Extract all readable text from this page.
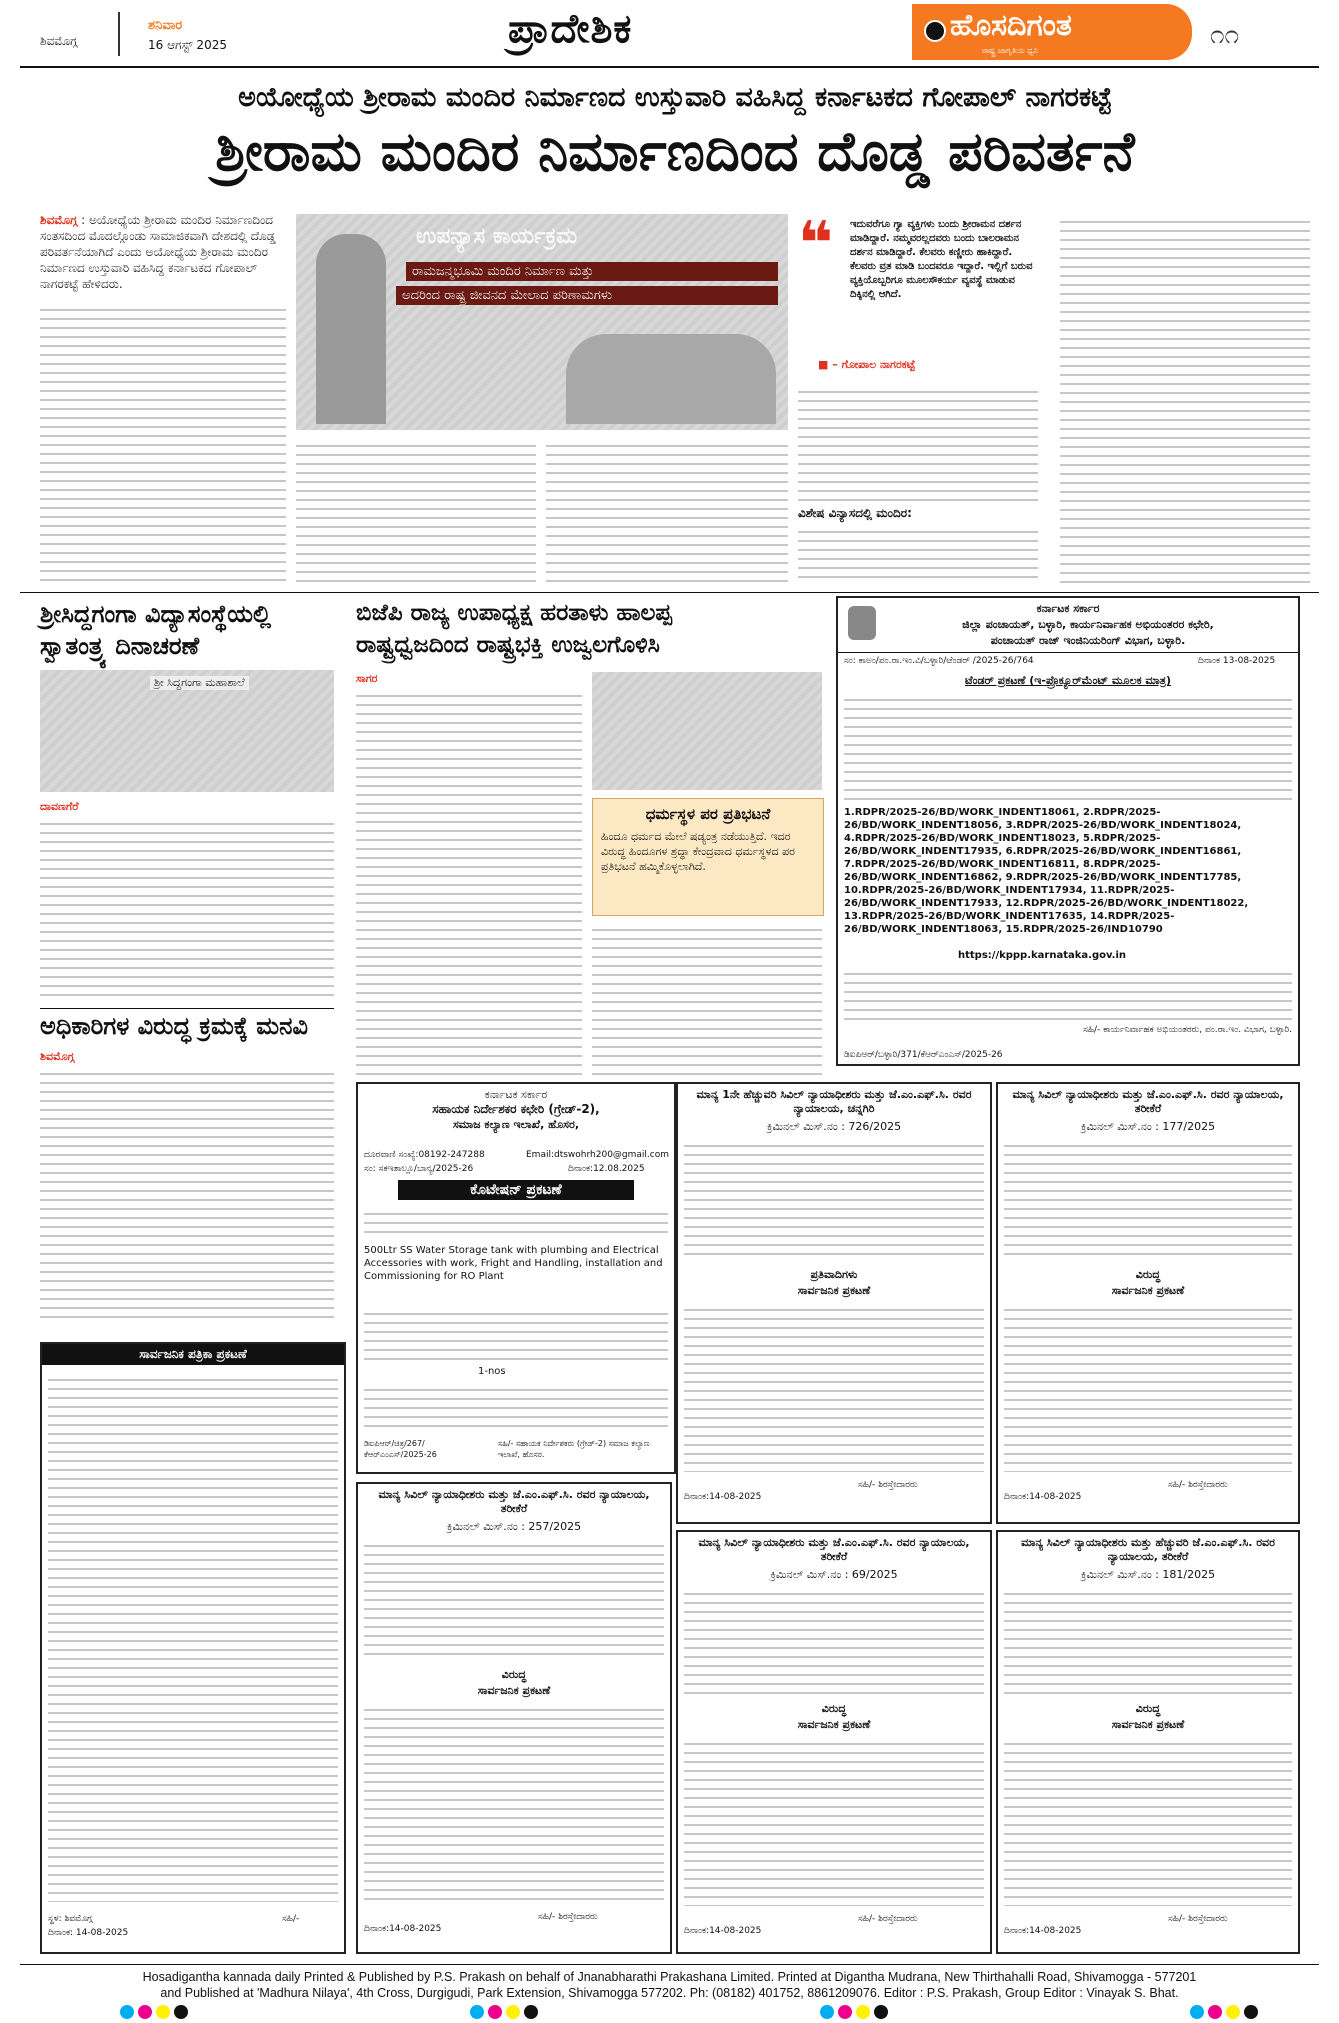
ಶಿವಮೊಗ್ಗ
ಶನಿವಾರ
16 ಆಗಸ್ಟ್ 2025	ಪ್ರಾದೇಶಿಕ	ಹೊಸದಿಗಂತ
ರಾಷ್ಟ್ರ ಜಾಗೃತಿಯ ಧ್ವನಿ
೧೧
ಅಯೋಧ್ಯೆಯ ಶ್ರೀರಾಮ ಮಂದಿರ ನಿರ್ಮಾಣದ ಉಸ್ತುವಾರಿ ವಹಿಸಿದ್ದ ಕರ್ನಾಟಕದ ಗೋಪಾಲ್ ನಾಗರಕಟ್ಟೆ
ಶ್ರೀರಾಮ ಮಂದಿರ ನಿರ್ಮಾಣದಿಂದ ದೊಡ್ಡ ಪರಿವರ್ತನೆ
ಶಿವಮೊಗ್ಗ : ಅಯೋಧ್ಯೆಯ ಶ್ರೀರಾಮ ಮಂದಿರ ನಿರ್ಮಾಣದಿಂದ ಸಂತಸದಿಂದ ಮೊದಲ್ಗೊಂಡು ಸಾಮಾಜಿಕವಾಗಿ ದೇಶದಲ್ಲಿ ದೊಡ್ಡ ಪರಿವರ್ತನೆಯಾಗಿದೆ ಎಂದು ಅಯೋಧ್ಯೆಯ ಶ್ರೀರಾಮ ಮಂದಿರ ನಿರ್ಮಾಣದ ಉಸ್ತುವಾರಿ ವಹಿಸಿದ್ದ ಕರ್ನಾಟಕದ ಗೋಪಾಲ್ ನಾಗರಕಟ್ಟೆ ಹೇಳಿದರು.
ಉಪನ್ಯಾಸ ಕಾರ್ಯಕ್ರಮ
ರಾಮಜನ್ಮಭೂಮಿ ಮಂದಿರ ನಿರ್ಮಾಣ ಮತ್ತು
ಅದರಿಂದ ರಾಷ್ಟ್ರ ಜೀವನದ ಮೇಲಾದ ಪರಿಣಾಮಗಳು
❝ ಇದುವರೆಗೂ ಗ್ಯಾ ವ್ಯಕ್ತಿಗಳು ಬಂದು ಶ್ರೀರಾಮನ ದರ್ಶನ ಮಾಡಿದ್ದಾರೆ. ನಮ್ಮವರಲ್ಲದವರು ಬಂದು ಬಾಲರಾಮನ ದರ್ಶನ ಮಾಡಿದ್ದಾರೆ. ಕೆಲವರು ಕಣ್ಣೀರು ಹಾಕಿದ್ದಾರೆ. ಕೆಲವರು ವ್ರತ ಮಾಡಿ ಬಂದವರೂ ಇದ್ದಾರೆ. ಇಲ್ಲಿಗೆ ಬರುವ ವ್ಯಕ್ತಿಯೊಬ್ಬರಿಗೂ ಮೂಲಸೌಕರ್ಯ ವ್ಯವಸ್ಥೆ ಮಾಡುವ ದಿಕ್ಕಿನಲ್ಲಿ ಆಗಿದೆ.
■ – ಗೋಪಾಲ ನಾಗರಕಟ್ಟೆ
ವಿಶೇಷ ವಿನ್ಯಾಸದಲ್ಲಿ ಮಂದಿರ:
ಶ್ರೀಸಿದ್ದಗಂಗಾ ವಿದ್ಯಾಸಂಸ್ಥೆಯಲ್ಲಿ
ಸ್ವಾತಂತ್ರ್ಯ ದಿನಾಚರಣೆ
ಶ್ರೀ ಸಿದ್ದಗಂಗಾ ಮಹಾಶಾಲೆ
ದಾವಣಗೆರೆ
ಅಧಿಕಾರಿಗಳ ವಿರುದ್ಧ ಕ್ರಮಕ್ಕೆ ಮನವಿ
ಶಿವಮೊಗ್ಗ
ಬಿಜೆಪಿ ರಾಜ್ಯ ಉಪಾಧ್ಯಕ್ಷ ಹರತಾಳು ಹಾಲಪ್ಪ
ರಾಷ್ಟ್ರಧ್ವಜದಿಂದ ರಾಷ್ಟ್ರಭಕ್ತಿ ಉಜ್ವಲಗೊಳಿಸಿ
ಸಾಗರ
ಧರ್ಮಸ್ಥಳ ಪರ ಪ್ರತಿಭಟನೆ
ಹಿಂದೂ ಧರ್ಮದ ಮೇಲೆ ಷಡ್ಯಂತ್ರ ನಡೆಯುತ್ತಿದೆ. ಇದರ ವಿರುದ್ಧ ಹಿಂದೂಗಳ ಶ್ರದ್ಧಾ ಕೇಂದ್ರವಾದ ಧರ್ಮಸ್ಥಳದ ಪರ ಪ್ರತಿಭಟನೆ ಹಮ್ಮಿಕೊಳ್ಳಲಾಗಿದೆ.
ಕರ್ನಾಟಕ ಸರ್ಕಾರ
ಜಿಲ್ಲಾ ಪಂಚಾಯತ್, ಬಳ್ಳಾರಿ, ಕಾರ್ಯನಿರ್ವಾಹಕ ಅಭಿಯಂತರರ ಕಛೇರಿ,
ಪಂಚಾಯತ್ ರಾಜ್ ಇಂಜಿನಿಯರಿಂಗ್ ವಿಭಾಗ, ಬಳ್ಳಾರಿ.
ಸಂ: ಕಾಅಂ/ಪಂ.ರಾ.ಇಂ.ವಿ/ಬಳ್ಳಾರಿ/ಟೆಂಡರ್ /2025-26/764	ದಿನಾಂಕ 13-08-2025
ಟೆಂಡರ್ ಪ್ರಕಟಣೆ (ಇ-ಪ್ರೊಕ್ಯೂರ್‌ಮೆಂಟ್ ಮೂಲಕ ಮಾತ್ರ)
1.RDPR/2025-26/BD/WORK_INDENT18061, 2.RDPR/2025-26/BD/WORK_INDENT18056, 3.RDPR/2025-26/BD/WORK_INDENT18024, 4.RDPR/2025-26/BD/WORK_INDENT18023, 5.RDPR/2025-26/BD/WORK_INDENT17935, 6.RDPR/2025-26/BD/WORK_INDENT16861, 7.RDPR/2025-26/BD/WORK_INDENT16811, 8.RDPR/2025-26/BD/WORK_INDENT16862, 9.RDPR/2025-26/BD/WORK_INDENT17785, 10.RDPR/2025-26/BD/WORK_INDENT17934, 11.RDPR/2025-26/BD/WORK_INDENT17933, 12.RDPR/2025-26/BD/WORK_INDENT18022, 13.RDPR/2025-26/BD/WORK_INDENT17635, 14.RDPR/2025-26/BD/WORK_INDENT18063, 15.RDPR/2025-26/IND10790
https://kppp.karnataka.gov.in
ಸಹಿ/- ಕಾರ್ಯನಿರ್ವಾಹಕ ಅಭಿಯಂತರರು, ಪಂ.ರಾ.ಇಂ. ವಿಭಾಗ, ಬಳ್ಳಾರಿ.
ಡಿಐಪಿಆರ್/ಬಳ್ಳಾರಿ/371/ಕೆಆರ್‌ಎಂಎಸ್/2025-26
ಕರ್ನಾಟಕ ಸರ್ಕಾರ
ಸಹಾಯಕ ನಿರ್ದೇಶಕರ ಕಛೇರಿ (ಗ್ರೇಡ್-2),
ಸಮಾಜ ಕಲ್ಯಾಣ ಇಲಾಖೆ, ಹೊಸರ,
ದೂರವಾಣಿ ಸಂಖ್ಯೆ:08192-247288	Email:dtswohrh200@gmail.com
ಸಂ: ಸಕಇತಾಲ್ಲೂ/ಬಾನ್ಯ/2025-26	ದಿನಾಂಕ:12.08.2025
ಕೊಟೇಷನ್ ಪ್ರಕಟಣೆ
500Ltr SS Water Storage tank with plumbing and Electrical Accessories with work, Fright and Handling, installation and Commissioning for RO Plant
1-nos
ಡಿಐಪಿಆರ್/ಚಿತ್ರ/267/ಕೆಆರ್‌ಎಂಎಸ್/2025-26
ಸಹಿ/- ಸಹಾಯಕ ನಿರ್ದೇಶಕರು (ಗ್ರೇಡ್-2) ಸಮಾಜ ಕಲ್ಯಾಣ ಇಲಾಖೆ, ಹೊಸರ.
ಸಾರ್ವಜನಿಕ ಪತ್ರಿಕಾ ಪ್ರಕಟಣೆ
ಸ್ಥಳ: ಶಿವಮೊಗ್ಗ
ದಿನಾಂಕ: 14-08-2025
ಸಹಿ/-
ಮಾನ್ಯ 1ನೇ ಹೆಚ್ಚುವರಿ ಸಿವಿಲ್ ನ್ಯಾಯಾಧೀಶರು ಮತ್ತು ಜೆ.ಎಂ.ಎಫ್.ಸಿ. ರವರ ನ್ಯಾಯಾಲಯ, ಚನ್ನಗಿರಿ
ಕ್ರಿಮಿನಲ್ ಮಿಸ್.ನಂ : 726/2025
ಪ್ರತಿವಾದಿಗಳು
ಸಾರ್ವಜನಿಕ ಪ್ರಕಟಣೆ
ದಿನಾಂಕ:14-08-2025
ಸಹಿ/- ಶಿರಸ್ತೇದಾರರು
ಮಾನ್ಯ ಸಿವಿಲ್ ನ್ಯಾಯಾಧೀಶರು ಮತ್ತು ಜೆ.ಎಂ.ಎಫ್.ಸಿ. ರವರ ನ್ಯಾಯಾಲಯ, ತರೀಕೆರೆ
ಕ್ರಿಮಿನಲ್ ಮಿಸ್.ನಂ : 177/2025
ವಿರುದ್ಧ
ಸಾರ್ವಜನಿಕ ಪ್ರಕಟಣೆ
ದಿನಾಂಕ:14-08-2025
ಸಹಿ/- ಶಿರಸ್ತೇದಾರರು
ಮಾನ್ಯ ಸಿವಿಲ್ ನ್ಯಾಯಾಧೀಶರು ಮತ್ತು ಜೆ.ಎಂ.ಎಫ್.ಸಿ. ರವರ ನ್ಯಾಯಾಲಯ, ತರೀಕೆರೆ
ಕ್ರಿಮಿನಲ್ ಮಿಸ್.ನಂ : 257/2025
ವಿರುದ್ಧ
ಸಾರ್ವಜನಿಕ ಪ್ರಕಟಣೆ
ದಿನಾಂಕ:14-08-2025
ಸಹಿ/- ಶಿರಸ್ತೇದಾರರು
ಮಾನ್ಯ ಸಿವಿಲ್ ನ್ಯಾಯಾಧೀಶರು ಮತ್ತು ಜೆ.ಎಂ.ಎಫ್.ಸಿ. ರವರ ನ್ಯಾಯಾಲಯ, ತರೀಕೆರೆ
ಕ್ರಿಮಿನಲ್ ಮಿಸ್.ನಂ : 69/2025
ವಿರುದ್ಧ
ಸಾರ್ವಜನಿಕ ಪ್ರಕಟಣೆ
ದಿನಾಂಕ:14-08-2025
ಸಹಿ/- ಶಿರಸ್ತೇದಾರರು
ಮಾನ್ಯ ಸಿವಿಲ್ ನ್ಯಾಯಾಧೀಶರು ಮತ್ತು ಹೆಚ್ಚುವರಿ ಜೆ.ಎಂ.ಎಫ್.ಸಿ. ರವರ ನ್ಯಾಯಾಲಯ, ತರೀಕೆರೆ
ಕ್ರಿಮಿನಲ್ ಮಿಸ್.ನಂ : 181/2025
ವಿರುದ್ಧ
ಸಾರ್ವಜನಿಕ ಪ್ರಕಟಣೆ
ದಿನಾಂಕ:14-08-2025
ಸಹಿ/- ಶಿರಸ್ತೇದಾರರು
Hosadigantha kannada daily Printed & Published by P.S. Prakash on behalf of Jnanabharathi Prakashana Limited. Printed at Digantha Mudrana, New Thirthahalli Road, Shivamogga - 577201
and Published at 'Madhura Nilaya', 4th Cross, Durgigudi, Park Extension, Shivamogga 577202. Ph: (08182) 401752, 8861209076. Editor : P.S. Prakash, Group Editor : Vinayak S. Bhat.
